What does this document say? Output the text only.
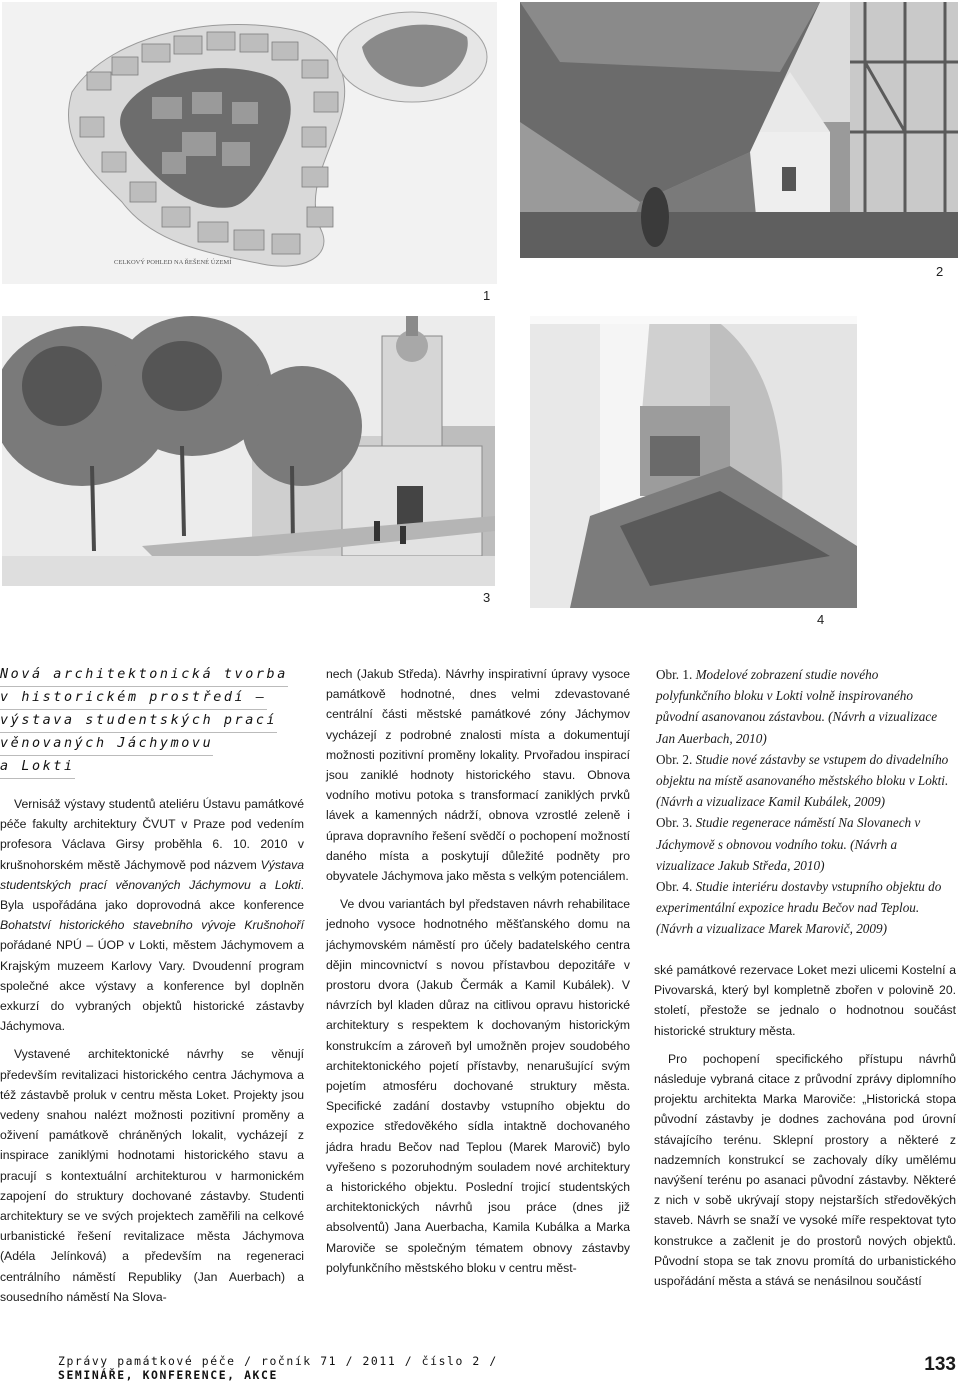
CELKOVÝ POHLED NA ŘEŠENÉ ÚZEMÍ
1
2
3
4
Nová architektonická tvorba
v historickém prostředí –
výstava studentských prací
věnovaných Jáchymovu
a Lokti

Vernisáž výstavy studentů ateliéru Ústavu památkové péče fakulty architektury ČVUT v Praze pod vedením profesora Václava Girsy proběhla 6. 10. 2010 v krušnohorském městě Jáchymově pod názvem Výstava studentských prací věnovaných Jáchymovu a Lokti. Byla uspořádána jako doprovodná akce konference Bohatství historického stavebního vývoje Krušnohoří pořádané NPÚ – ÚOP v Lokti, městem Jáchymovem a Krajským muzeem Karlovy Vary. Dvoudenní program společné akce výstavy a konference byl doplněn exkurzí do vybraných objektů historické zástavby Jáchymova.

Vystavené architektonické návrhy se věnují především revitalizaci historického centra Jáchymova a též zástavbě proluk v centru města Loket. Projekty jsou vedeny snahou nalézt možnosti pozitivní proměny a oživení památkově chráněných lokalit, vycházejí z inspirace zaniklými hodnotami historického stavu a pracují s kontextuální architekturou v harmonickém zapojení do struktury dochované zástavby. Studenti architektury se ve svých projektech zaměřili na celkové urbanistické řešení revitalizace města Jáchymova (Adéla Jelínková) a především na regeneraci centrálního náměstí Republiky (Jan Auerbach) a sousedního náměstí Na Slova-

nech (Jakub Středa). Návrhy inspirativní úpravy vysoce památkově hodnotné, dnes velmi zdevastované centrální části městské památkové zóny Jáchymov vycházejí z podrobné znalosti místa a dokumentují možnosti pozitivní proměny lokality. Prvořadou inspirací jsou zaniklé hodnoty historického stavu. Obnova vodního motivu potoka s transformací zaniklých prvků lávek a kamenných nádrží, obnova vzrostlé zeleně i úprava dopravního řešení svědčí o pochopení možností daného místa a poskytují důležité podněty pro obyvatele Jáchymova jako města s velkým potenciálem.

Ve dvou variantách byl představen návrh rehabilitace jednoho vysoce hodnotného měšťanského domu na jáchymovském náměstí pro účely badatelského centra dějin mincovnictví s novou přístavbou depozitáře v prostoru dvora (Jakub Čermák a Kamil Kubálek). V návrzích byl kladen důraz na citlivou opravu historické architektury s respektem k dochovaným historickým konstrukcím a zároveň byl umožněn projev soudobého architektonického pojetí přístavby, nenarušující svým pojetím atmosféru dochované struktury města. Specifické zadání dostavby vstupního objektu do expozice středověkého sídla intaktně dochovaného jádra hradu Bečov nad Teplou (Marek Marovič) bylo vyřešeno s pozoruhodným souladem nové architektury a historického objektu. Poslední trojicí studentských architektonických návrhů jsou práce (dnes již absolventů) Jana Auerbacha, Kamila Kubálka a Marka Maroviče se společným tématem obnovy zástavby polyfunkčního městského bloku v centru měst-

Obr. 1. Modelové zobrazení studie nového polyfunkčního bloku v Lokti volně inspirovaného původní asanovanou zástavbou. (Návrh a vizualizace Jan Auerbach, 2010)

Obr. 2. Studie nové zástavby se vstupem do divadelního objektu na místě asanovaného městského bloku v Lokti. (Návrh a vizualizace Kamil Kubálek, 2009)

Obr. 3. Studie regenerace náměstí Na Slovanech v Jáchymově s obnovou vodního toku. (Návrh a vizualizace Jakub Středa, 2010)

Obr. 4. Studie interiéru dostavby vstupního objektu do experimentální expozice hradu Bečov nad Teplou. (Návrh a vizualizace Marek Marovič, 2009)

ské památkové rezervace Loket mezi ulicemi Kostelní a Pivovarská, který byl kompletně zbořen v polovině 20. století, přestože se jednalo o hodnotnou součást historické struktury města.

Pro pochopení specifického přístupu návrhů následuje vybraná citace z průvodní zprávy diplomního projektu architekta Marka Maroviče: „Historická stopa původní zástavby je dodnes zachována pod úrovní stávajícího terénu. Sklepní prostory a některé z nadzemních konstrukcí se zachovaly díky umělému navýšení terénu po asanaci původní zástavby. Některé z nich v sobě ukrývají stopy nejstarších středověkých staveb. Návrh se snaží ve vysoké míře respektovat tyto konstrukce a začlenit je do prostorů nových objektů. Původní stopa se tak znovu promítá do urbanistického uspořádání města a stává se nenásilnou součástí

Zprávy památkové péče / ročník 71 / 2011 / číslo 2 /
SEMINÁŘE, KONFERENCE, AKCE	133
